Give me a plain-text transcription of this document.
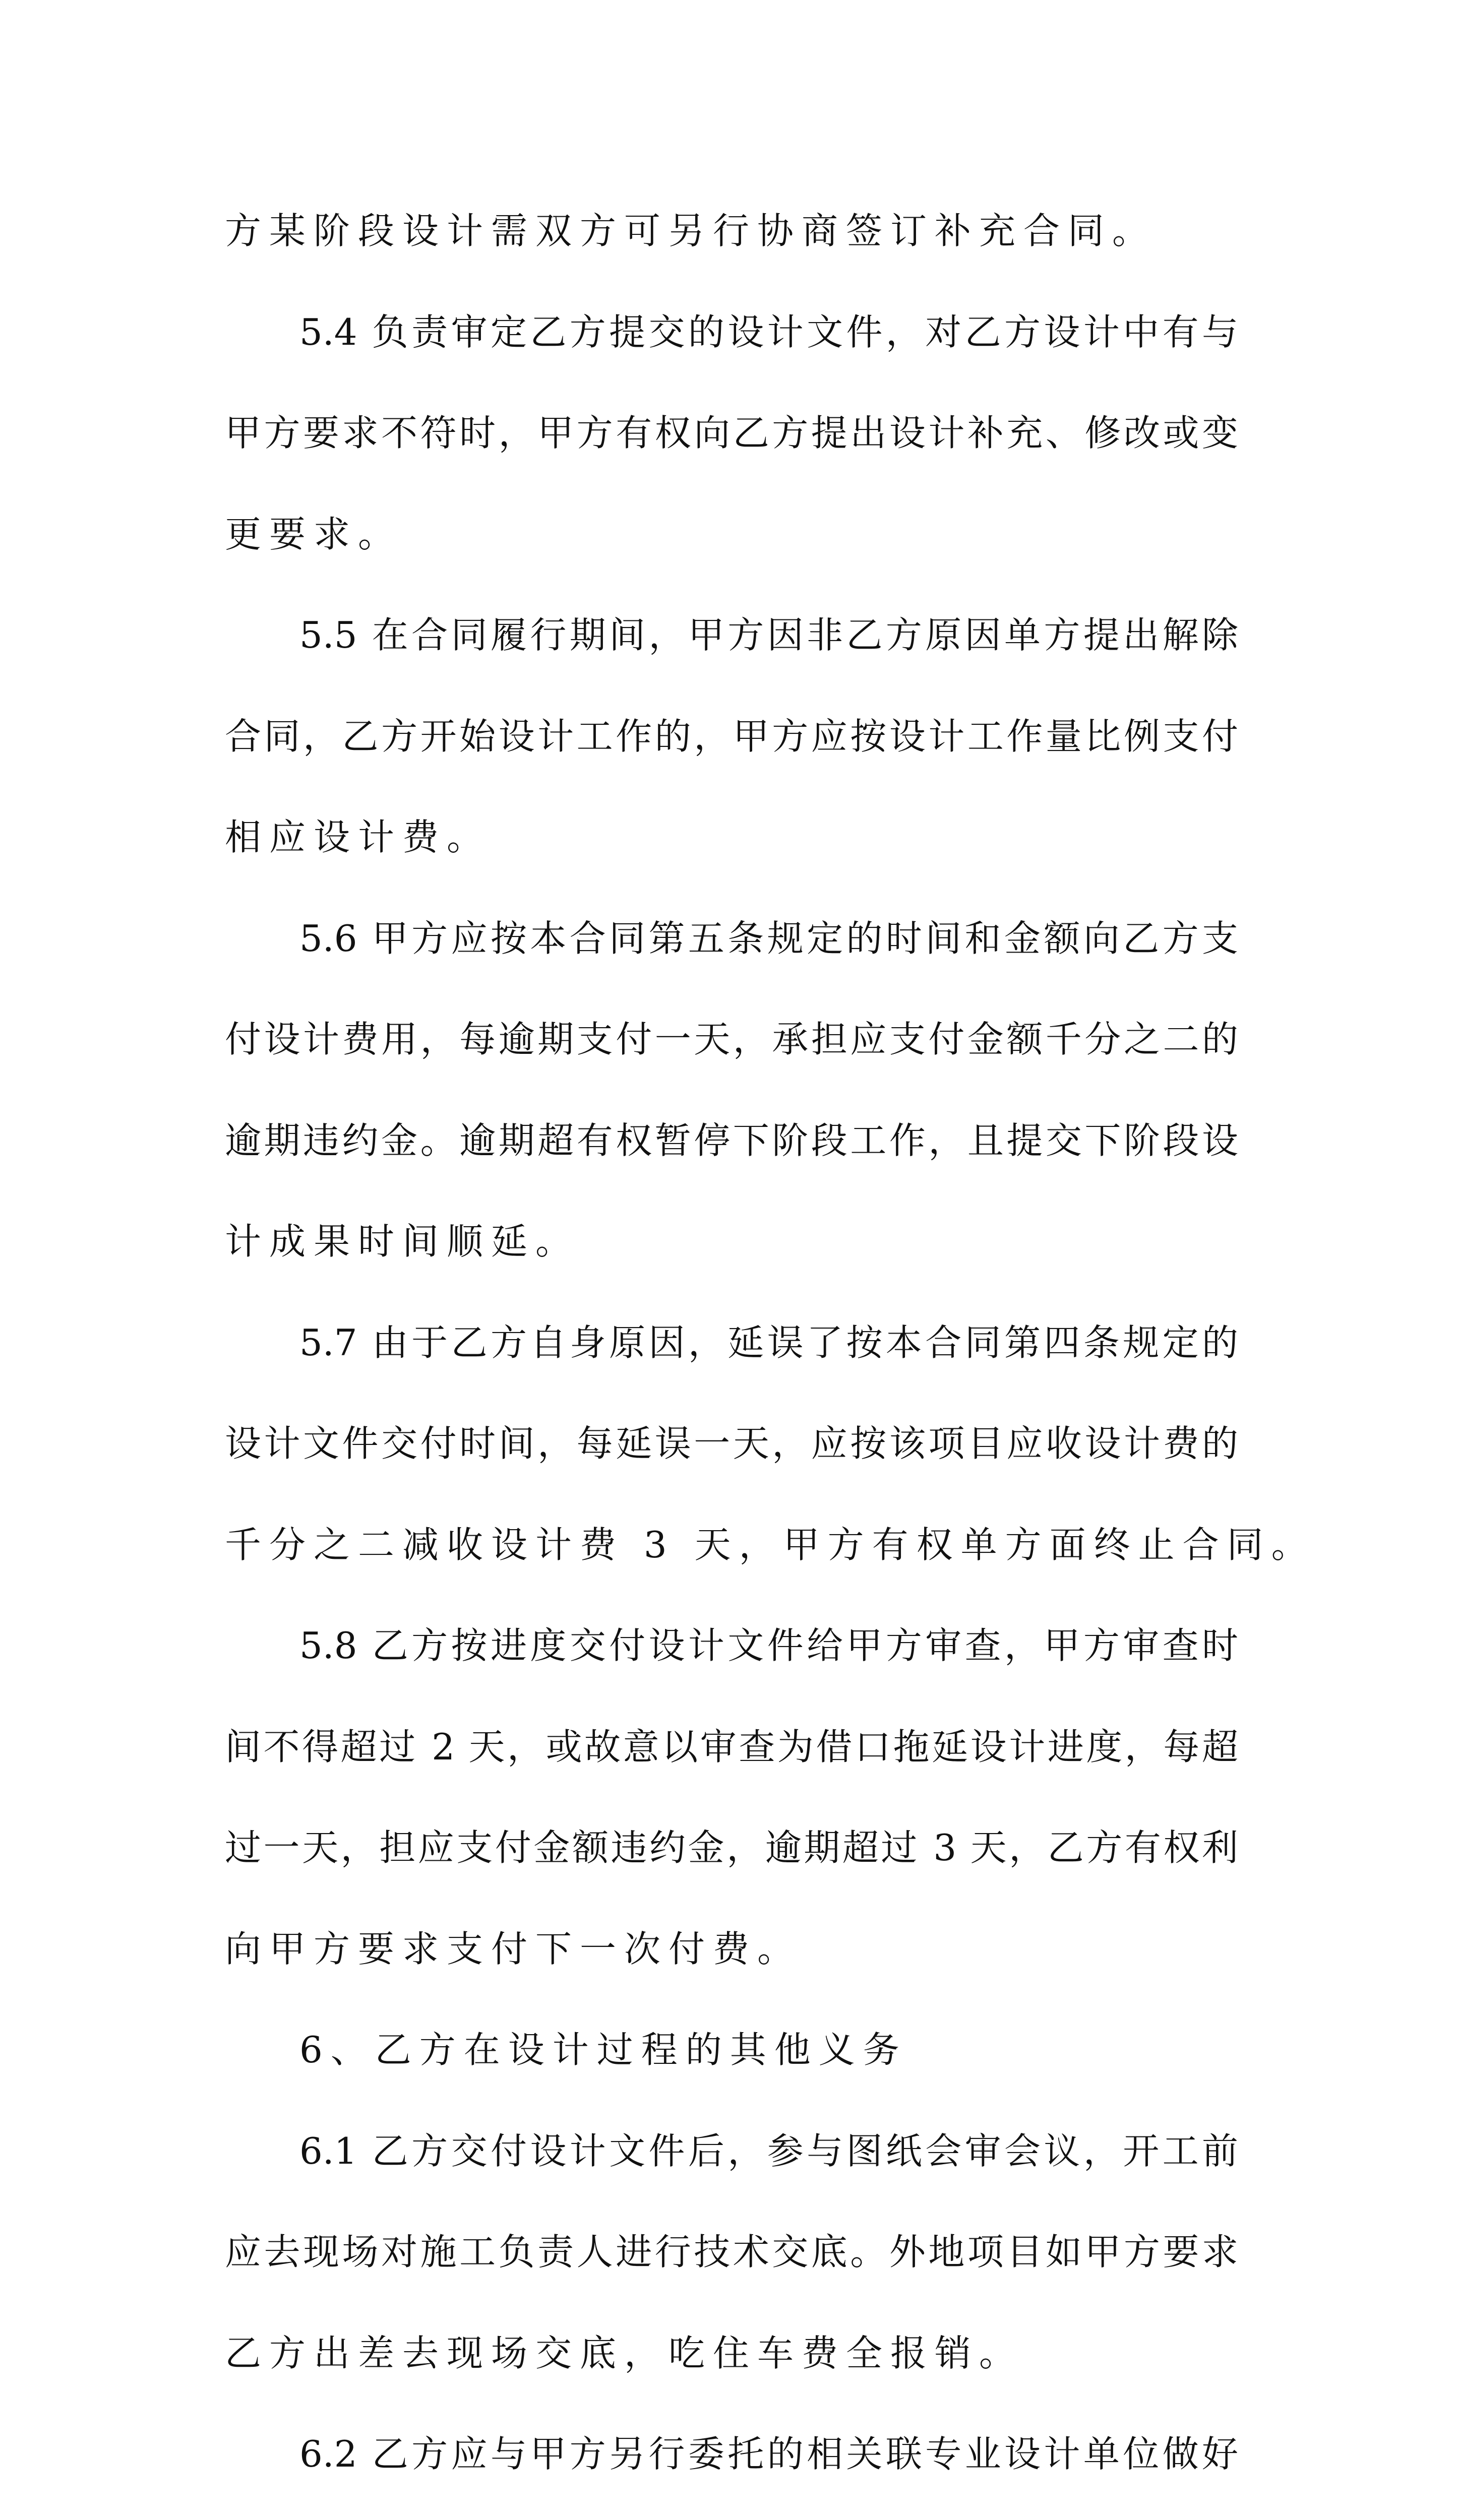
方某阶段设计需双方可另行协商签订补充合同。
5.4 负责审定乙方提交的设计文件，对乙方设计中有与
甲方要求不符时，甲方有权向乙方提出设计补充、修改或变
更要求。
5.5 在合同履行期间，甲方因非乙方原因单方提出解除
合同，乙方开始设计工作的，甲方应按设计工作量比例支付
相应设计费。
5.6 甲方应按本合同第五条规定的时间和金额向乙方支
付设计费用，每逾期支付一天，承担应支付金额千分之二的
逾期违约金。逾期超有权暂停下阶段工作，且提交下阶段设
计成果时间顺延。
5.7 由于乙方自身原因，延误了按本合同第四条规定的
设计文件交付时间，每延误一天，应按该项目应收设计费的
千分之二减收设计费 3 天，甲方有权单方面终止合同。
5.8 乙方按进度交付设计文件给甲方审查，甲方审查时
间不得超过 2 天，或故意以审查为借口拖延设计进度，每超
过一天，担应支付金额违约金，逾期超过 3 天，乙方有权利
向甲方要求支付下一次付费。
6、乙方在设计过程的其他义务
6.1 乙方交付设计文件后，参与图纸会审会议，开工前
应去现场对施工负责人进行技术交底。外地项目如甲方要求
乙方出差去现场交底，吃住车费全报销。
6.2 乙方应与甲方另行委托的相关联专业设计单位做好
